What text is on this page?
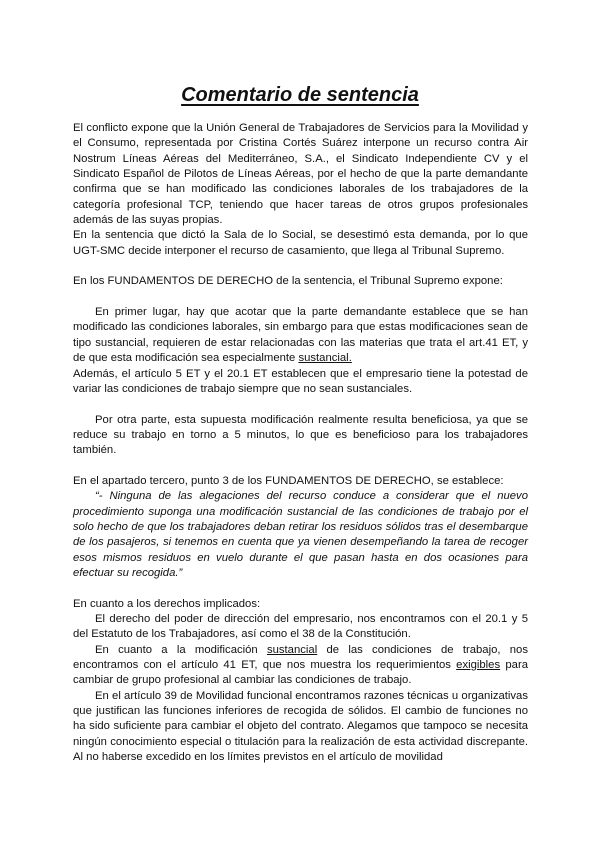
Comentario de sentencia

El conflicto expone que la Unión General de Trabajadores de Servicios para la Movilidad y el Consumo, representada por Cristina Cortés Suárez interpone un recurso contra Air Nostrum Líneas Aéreas del Mediterráneo, S.A., el Sindicato Independiente CV y el Sindicato Español de Pilotos de Líneas Aéreas, por el hecho de que la parte demandante confirma que se han modificado las condiciones laborales de los trabajadores de la categoría profesional TCP, teniendo que hacer tareas de otros grupos profesionales además de las suyas propias.

En la sentencia que dictó la Sala de lo Social, se desestimó esta demanda, por lo que UGT-SMC decide interponer el recurso de casamiento, que llega al Tribunal Supremo.

En los FUNDAMENTOS DE DERECHO de la sentencia, el Tribunal Supremo expone:

En primer lugar, hay que acotar que la parte demandante establece que se han modificado las condiciones laborales, sin embargo para que estas modificaciones sean de tipo sustancial, requieren de estar relacionadas con las materias que trata el art.41 ET, y de que esta modificación sea especialmente sustancial.

Además, el artículo 5 ET y el 20.1 ET establecen que el empresario tiene la potestad de variar las condiciones de trabajo siempre que no sean sustanciales.

Por otra parte, esta supuesta modificación realmente resulta beneficiosa, ya que se reduce su trabajo en torno a 5 minutos, lo que es beneficioso para los trabajadores también.

En el apartado tercero, punto 3 de los FUNDAMENTOS DE DERECHO, se establece:

“- Ninguna de las alegaciones del recurso conduce a considerar que el nuevo procedimiento suponga una modificación sustancial de las condiciones de trabajo por el solo hecho de que los trabajadores deban retirar los residuos sólidos tras el desembarque de los pasajeros, si tenemos en cuenta que ya vienen desempeñando la tarea de recoger esos mismos residuos en vuelo durante el que pasan hasta en dos ocasiones para efectuar su recogida.”

En cuanto a los derechos implicados:

El derecho del poder de dirección del empresario, nos encontramos con el 20.1 y 5 del Estatuto de los Trabajadores, así como el 38 de la Constitución.

En cuanto a la modificación sustancial de las condiciones de trabajo, nos encontramos con el artículo 41 ET, que nos muestra los requerimientos exigibles para cambiar de grupo profesional al cambiar las condiciones de trabajo.

En el artículo 39 de Movilidad funcional encontramos razones técnicas u organizativas que justifican las funciones inferiores de recogida de sólidos. El cambio de funciones no ha sido suficiente para cambiar el objeto del contrato. Alegamos que tampoco se necesita ningún conocimiento especial o titulación para la realización de esta actividad discrepante. Al no haberse excedido en los límites previstos en el artículo de movilidad
